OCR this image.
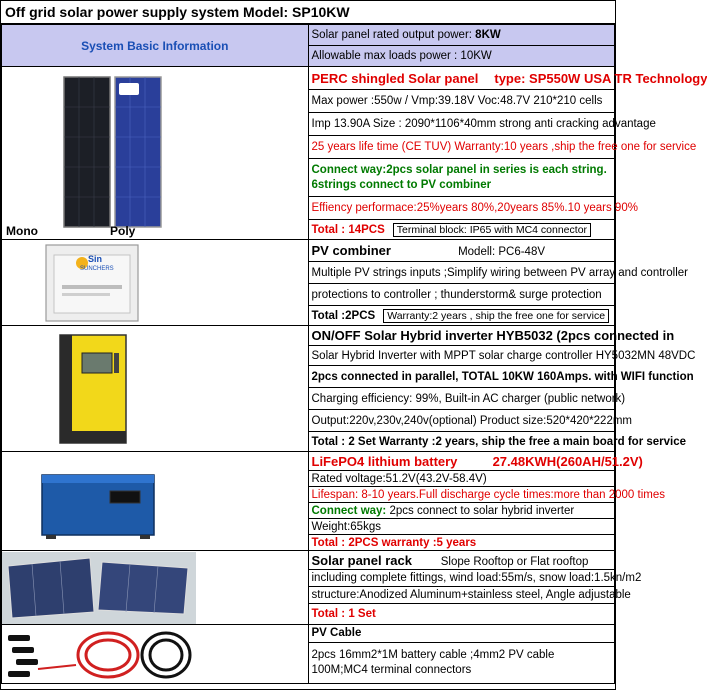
Off grid solar power supply system Model: SP10KW
System Basic Information	Solar panel rated output power: 8KW
	Allowable max loads power : 10KW

Mono Poly	PERC shingled Solar panel type: SP550W USA TR Technology
	Max power :550w / Vmp:39.18V Voc:48.7V 210*210 cells
	Imp 13.90A Size : 2090*1106*40mm strong anti cracking advantage
	25 years life time (CE TUV) Warranty:10 years ,ship the free one for service
	Connect way:2pcs solar panel in series is each string. 6strings connect to PV combiner
	Effiency performace:25%years 80%,20years 85%.10 years 90%
	Total : 14PCS Terminal block: IP65 with MC4 connector

Sin
SUNCHERS	PV combiner Modell: PC6-48V
	Multiple PV strings inputs ;Simplify wiring between PV array and controller
	protections to controller ; thunderstorm& surge protection
	Total :2PCS Warranty:2 years , ship the free one for service

	ON/OFF Solar Hybrid inverter HYB5032 (2pcs connected in
	Solar Hybrid Inverter with MPPT solar charge controller HY5032MN 48VDC
	2pcs connected in parallel, TOTAL 10KW 160Amps. with WIFI function
	Charging efficiency: 99%, Built-in AC charger (public network)
	Output:220v,230v,240v(optional) Product size:520*420*222mm
	Total : 2 Set Warranty :2 years, ship the free a main board for service

	LiFePO4 lithium battery 27.48KWH(260AH/51.2V)
	Rated voltage:51.2V(43.2V-58.4V)
	Lifespan: 8-10 years.Full discharge cycle times:more than 2000 times
	Connect way: 2pcs connect to solar hybrid inverter
	Weight:65kgs
	Total : 2PCS warranty :5 years

	Solar panel rack Slope Rooftop or Flat rooftop
	including complete fittings, wind load:55m/s, snow load:1.5kn/m2
	structure:Anodized Aluminum+stainless steel, Angle adjustable
	Total : 1 Set

	PV Cable
	2pcs 16mm2*1M battery cable ;4mm2 PV cable 100M;MC4 terminal connectors
